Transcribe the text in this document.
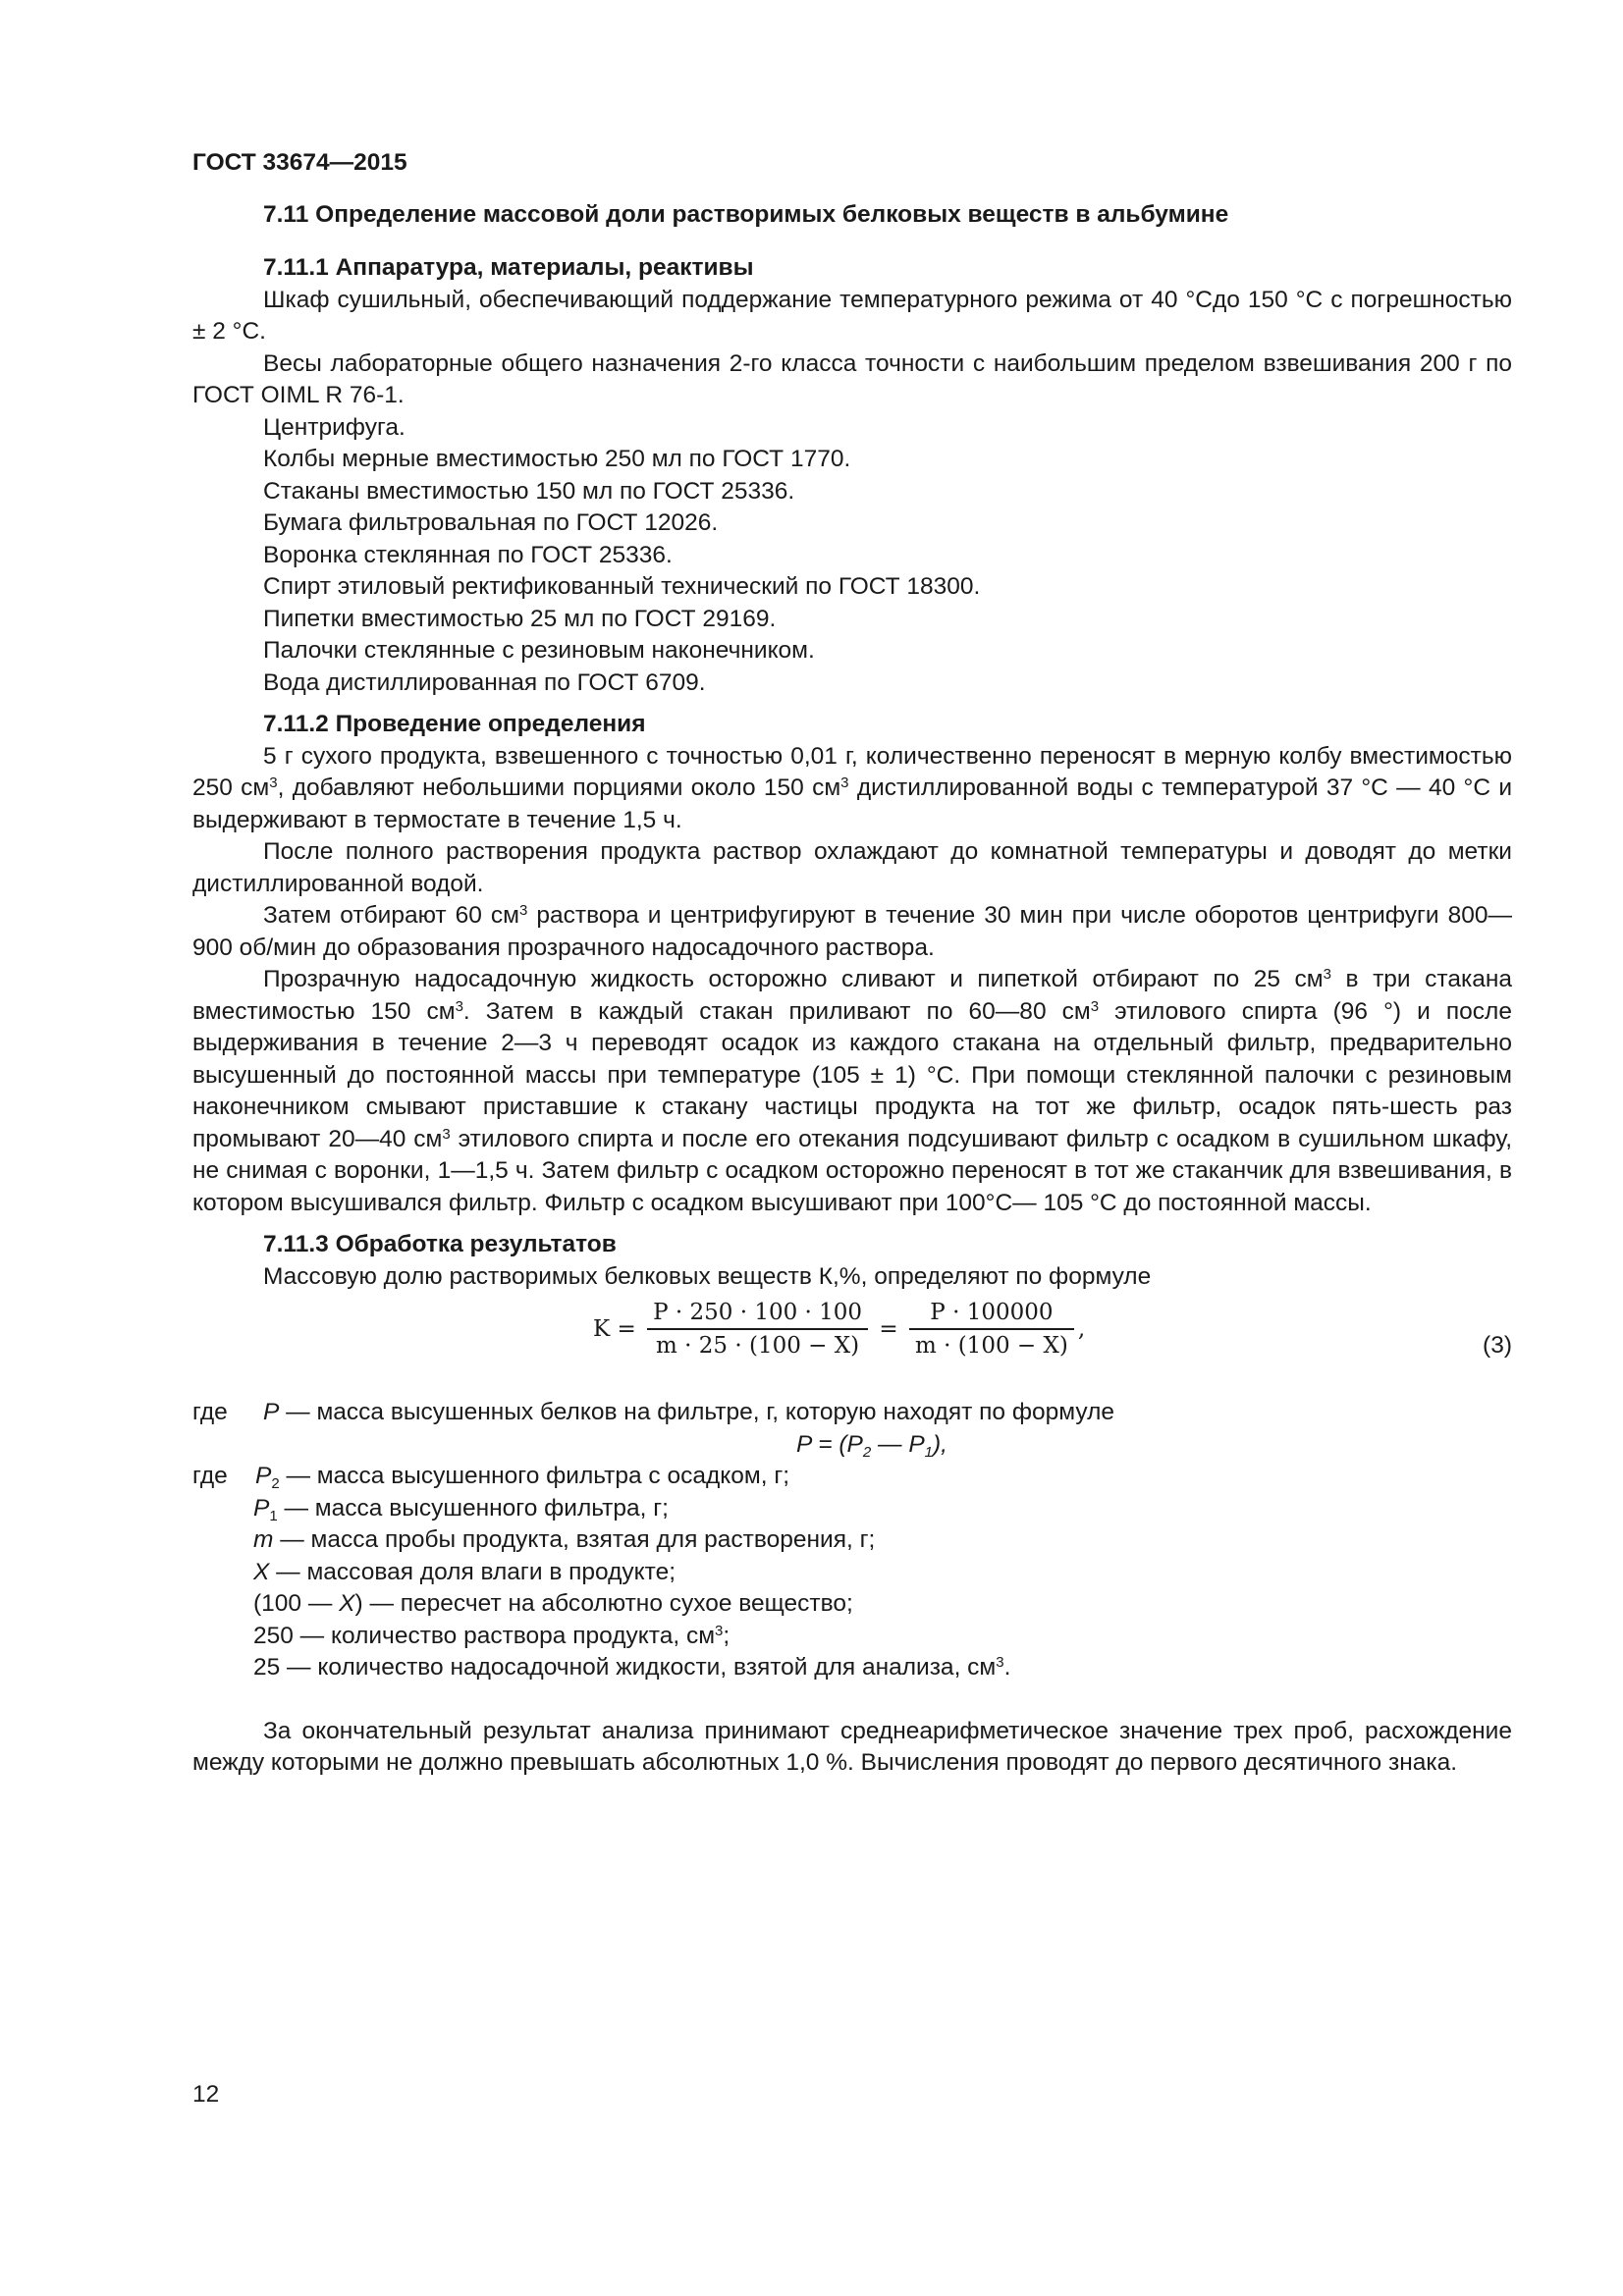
ГОСТ 33674—2015
7.11 Определение массовой доли растворимых белковых веществ в альбумине
7.11.1 Аппаратура, материалы, реактивы
Шкаф сушильный, обеспечивающий поддержание температурного режима от 40 °Сдо 150 °С с погрешностью ± 2 °С.
Весы лабораторные общего назначения 2-го класса точности с наибольшим пределом взвешивания 200 г по ГОСТ OIML R 76-1.
Центрифуга.
Колбы мерные вместимостью 250 мл по ГОСТ 1770.
Стаканы вместимостью 150 мл по ГОСТ 25336.
Бумага фильтровальная по ГОСТ 12026.
Воронка стеклянная по ГОСТ 25336.
Спирт этиловый ректификованный технический по ГОСТ 18300.
Пипетки вместимостью 25 мл по ГОСТ 29169.
Палочки стеклянные с резиновым наконечником.
Вода дистиллированная по ГОСТ 6709.
7.11.2 Проведение определения
5 г сухого продукта, взвешенного с точностью 0,01 г, количественно переносят в мерную колбу вместимостью 250 $см^3$, добавляют небольшими порциями около 150 $см^3$ дистиллированной воды с температурой 37 °С — 40 °С и выдерживают в термостате в течение 1,5 ч.
После полного растворения продукта раствор охлаждают до комнатной температуры и доводят до метки дистиллированной водой.
Затем отбирают 60 $см^3$ раствора и центрифугируют в течение 30 мин при числе оборотов центрифуги 800—900 об/мин до образования прозрачного надосадочного раствора.
Прозрачную надосадочную жидкость осторожно сливают и пипеткой отбирают по 25 $см^3$ в три стакана вместимостью 150 $см^3$. Затем в каждый стакан приливают по 60—80 $см^3$ этилового спирта (96 °) и после выдерживания в течение 2—3 ч переводят осадок из каждого стакана на отдельный фильтр, предварительно высушенный до постоянной массы при температуре (105 ± 1) °С. При помощи стеклянной палочки с резиновым наконечником смывают приставшие к стакану частицы продукта на тот же фильтр, осадок пять-шесть раз промывают 20—40 $см^3$ этилового спирта и после его отекания подсушивают фильтр с осадком в сушильном шкафу, не снимая с воронки, 1—1,5 ч. Затем фильтр с осадком осторожно переносят в тот же стаканчик для взвешивания, в котором высушивался фильтр. Фильтр с осадком высушивают при 100°С— 105 °С до постоянной массы.
7.11.3 Обработка результатов
Массовую долю растворимых белковых веществ К,%, определяют по формуле
$K = \frac{P \cdot 250 \cdot 100 \cdot 100}{m \cdot 25 \cdot (100 - X)} = \frac{P \cdot 100000}{m \cdot (100 - X)}$ ,
(3)
где	P — масса высушенных белков на фильтре, г, которую находят по формуле
$P = (P_2$ — $P_1$),
где	$P_2$ — масса высушенного фильтра с осадком, г;
$P_1$ — масса высушенного фильтра, г;
m — масса пробы продукта, взятая для растворения, г;
X — массовая доля влаги в продукте;
(100 — X) — пересчет на абсолютно сухое вещество;
250 — количество раствора продукта, $см^3$;
25 — количество надосадочной жидкости, взятой для анализа, $см^3$.
За окончательный результат анализа принимают среднеарифметическое значение трех проб, расхождение между которыми не должно превышать абсолютных 1,0 %. Вычисления проводят до первого десятичного знака.
12
